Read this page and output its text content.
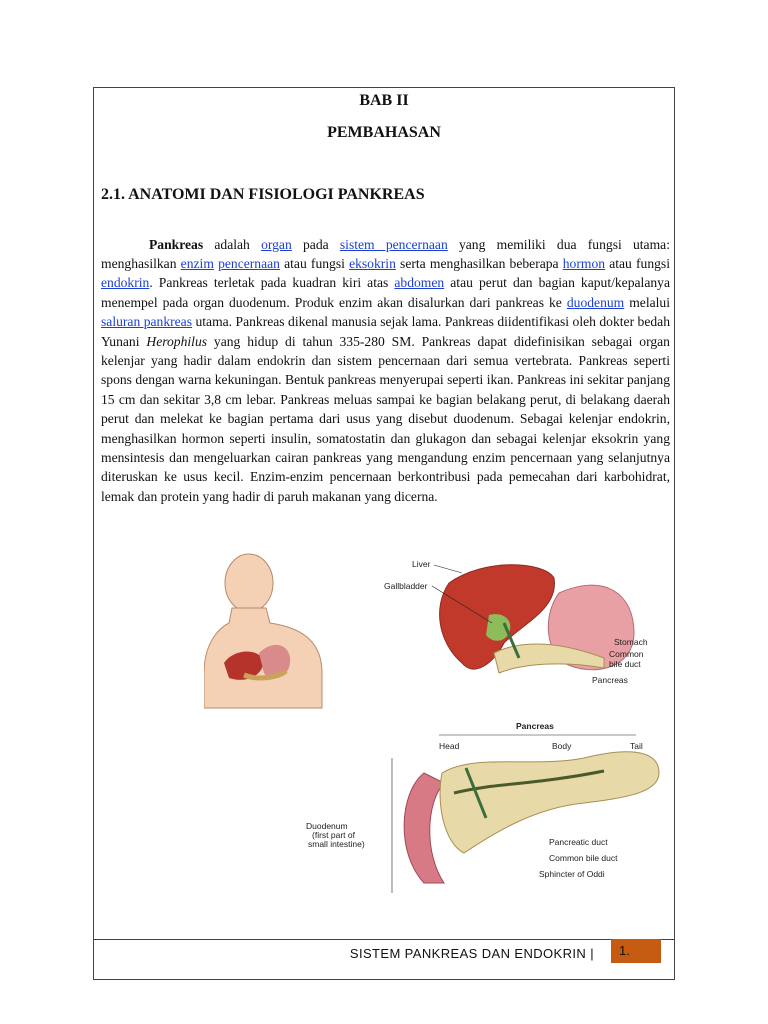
BAB II
PEMBAHASAN
2.1. ANATOMI DAN FISIOLOGI PANKREAS

Pankreas adalah organ pada sistem pencernaan yang memiliki dua fungsi utama: menghasilkan enzim pencernaan atau fungsi eksokrin serta menghasilkan beberapa hormon atau fungsi endokrin. Pankreas terletak pada kuadran kiri atas abdomen atau perut dan bagian kaput/kepalanya menempel pada organ duodenum. Produk enzim akan disalurkan dari pankreas ke duodenum melalui saluran pankreas utama. Pankreas dikenal manusia sejak lama. Pankreas diidentifikasi oleh dokter bedah Yunani Herophilus yang hidup di tahun 335-280 SM. Pankreas dapat didefinisikan sebagai organ kelenjar yang hadir dalam endokrin dan sistem pencernaan dari semua vertebrata. Pankreas seperti spons dengan warna kekuningan. Bentuk pankreas menyerupai seperti ikan. Pankreas ini sekitar panjang 15 cm dan sekitar 3,8 cm lebar. Pankreas meluas sampai ke bagian belakang perut, di belakang daerah perut dan melekat ke bagian pertama dari usus yang disebut duodenum. Sebagai kelenjar endokrin, menghasilkan hormon seperti insulin, somatostatin dan glukagon dan sebagai kelenjar eksokrin yang mensintesis dan mengeluarkan cairan pankreas yang mengandung enzim pencernaan yang selanjutnya diteruskan ke usus kecil. Enzim-enzim pencernaan berkontribusi pada pemecahan dari karbohidrat, lemak dan protein yang hadir di paruh makanan yang dicerna.

Liver
Gallbladder
Stomach
Common
bile duct
Pancreas
Pancreas
Head	Body	Tail
Duodenum
(first part of
small intestine)	Pancreatic duct
Common bile duct
Sphincter of Oddi
SISTEM PANKREAS DAN ENDOKRIN |	1.
